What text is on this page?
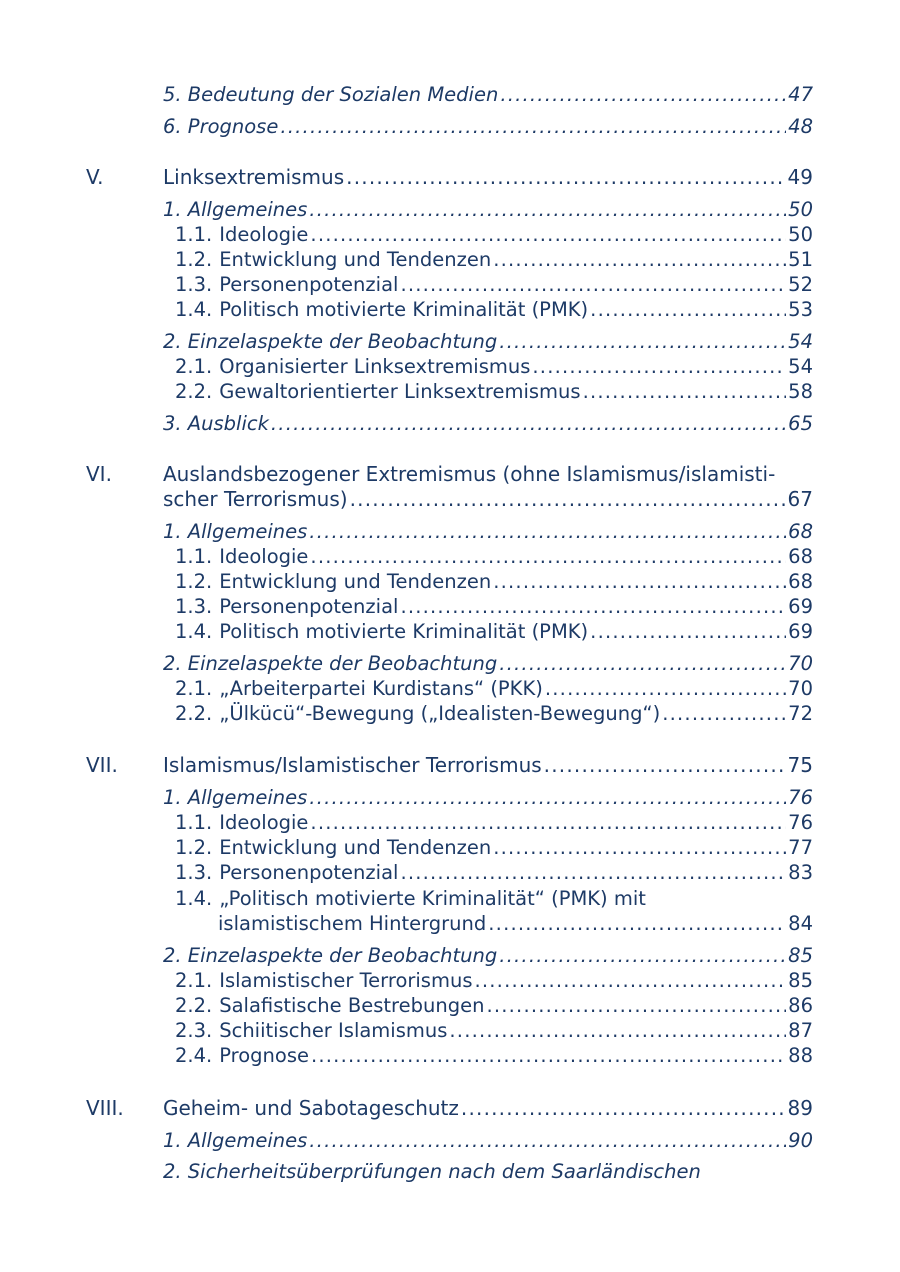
5. Bedeutung der Sozialen Medien .....	47
6. Prognose .....	48
V.	Linksextremismus .....	49
1. Allgemeines .....	50
1.1. Ideologie .....	50
1.2. Entwicklung und Tendenzen .....	51
1.3. Personenpotenzial .....	52
1.4. Politisch motivierte Kriminalität (PMK) .....	53
2. Einzelaspekte der Beobachtung .....	54
2.1. Organisierter Linksextremismus .....	54
2.2. Gewaltorientierter Linksextremismus .....	58
3. Ausblick .....	65
VI.	Auslandsbezogener Extremismus (ohne Islamismus/islamisti-
scher Terrorismus) .....	67
1. Allgemeines .....	68
1.1. Ideologie .....	68
1.2. Entwicklung und Tendenzen .....	68
1.3. Personenpotenzial .....	69
1.4. Politisch motivierte Kriminalität (PMK) .....	69
2. Einzelaspekte der Beobachtung .....	70
2.1. „Arbeiterpartei Kurdistans“ (PKK) .....	70
2.2. „Ülkücü“-Bewegung („Idealisten-Bewegung“) .....	72
VII. Islamismus/Islamistischer Terrorismus .....	75
1. Allgemeines .....	76
1.1. Ideologie .....	76
1.2. Entwicklung und Tendenzen .....	77
1.3. Personenpotenzial .....	83
1.4. „Politisch motivierte Kriminalität“ (PMK) mit
islamistischem Hintergrund .....	84
2. Einzelaspekte der Beobachtung .....	85
2.1. Islamistischer Terrorismus .....	85
2.2. Salafistische Bestrebungen .....	86
2.3. Schiitischer Islamismus .....	87
2.4. Prognose .....	88
VIII. Geheim- und Sabotageschutz .....	89
1. Allgemeines .....	90
2. Sicherheitsüberprüfungen nach dem Saarländischen
